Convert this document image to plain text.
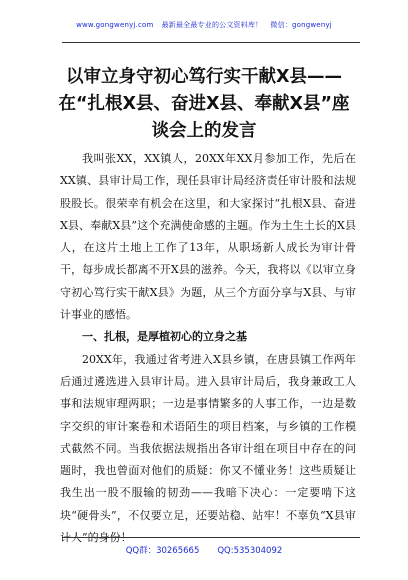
www.gongwenyj.com 最新最全最专业的公文资料库！ 微信：gongwenyj
以审立身守初心笃行实干献X县——在“扎根X县、奋进X县、奉献X县”座谈会上的发言

我叫张XX，XX镇人，20XX年XX月参加工作，先后在XX镇、县审计局工作，现任县审计局经济责任审计股和法规股股长。很荣幸有机会在这里，和大家探讨“扎根X县、奋进X县、奉献X县”这个充满使命感的主题。作为土生土长的X县人，在这片土地上工作了13年，从职场新人成长为审计骨干，每步成长都离不开X县的滋养。今天，我将以《以审立身守初心笃行实干献X县》为题，从三个方面分享与X县、与审计事业的感悟。

一、扎根，是厚植初心的立身之基

20XX年，我通过省考进入X县乡镇，在唐县镇工作两年后通过遴选进入县审计局。进入县审计局后，我身兼政工人事和法规审理两职；一边是事情繁多的人事工作，一边是数字交织的审计案卷和术语陌生的项目档案，与乡镇的工作模式截然不同。当我依据法规指出各审计组在项目中存在的问题时，我也曾面对他们的质疑：你又不懂业务！这些质疑让我生出一股不服输的韧劲——我暗下决心：一定要啃下这块“硬骨头”，不仅要立足，还要站稳、站牢！不辜负“X县审计人”的身份！

QQ群：30265665 QQ:535304092
